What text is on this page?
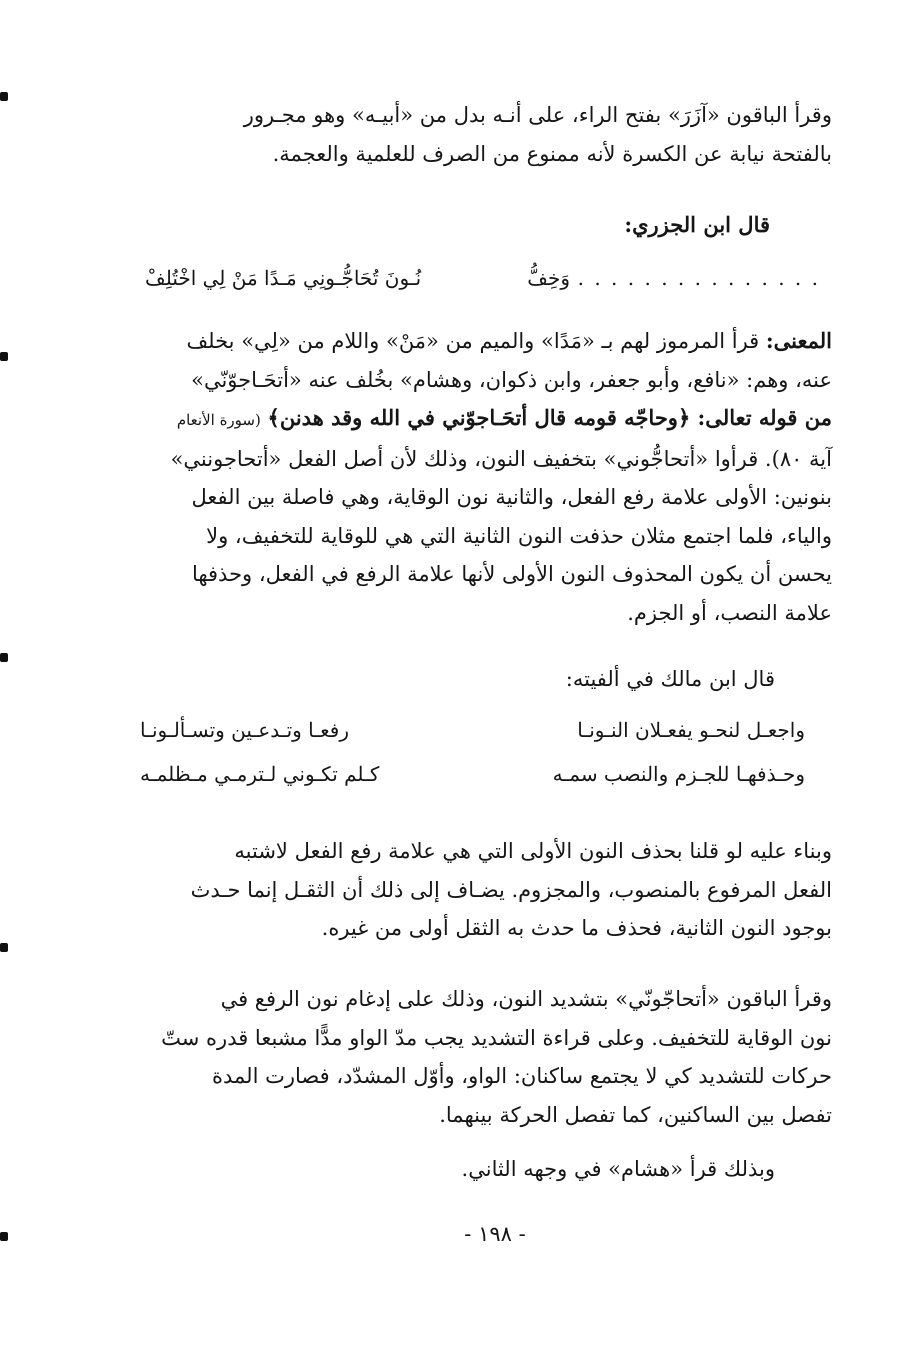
وقرأ الباقون «آزَرَ» بفتح الراء، على أنـه بدل من «أبيـه» وهو مجـرور
بالفتحة نيابة عن الكسرة لأنه ممنوع من الصرف للعلمية والعجمة.
قال ابن الجزري:
. . . . . . . . . . . . . . .
وَخِفُّ
نُـونَ تُحَاجُّـونِي مَـدًا مَنْ لِي اخْتُلِفْ
المعنى: قرأ المرموز لهم بـ «مَدًا» والميم من «مَنْ» واللام من «لِي» بخلف
عنه، وهم: «نافع، وأبو جعفر، وابن ذكوان، وهشام» بخُلف عنه «أتحَـاجوّنّي»
من قوله تعالى: ﴿وحاجّه قومه قال أتحَـاجوّني في الله وقد هدنن﴾ (سورة الأنعام
آية ٨٠). قرأوا «أتحاجُّوني» بتخفيف النون، وذلك لأن أصل الفعل «أتحاجونني»
بنونين: الأولى علامة رفع الفعل، والثانية نون الوقاية، وهي فاصلة بين الفعل
والياء، فلما اجتمع مثلان حذفت النون الثانية التي هي للوقاية للتخفيف، ولا
يحسن أن يكون المحذوف النون الأولى لأنها علامة الرفع في الفعل، وحذفها
علامة النصب، أو الجزم.
قال ابن مالك في ألفيته:
واجعـل لنحـو يفعـلان النـونـا
رفعـا وتـدعـين وتسـألـونـا
وحـذفهـا للجـزم والنصب سمـه
كـلم تكـوني لـترمـي مـظلمـه
وبناء عليه لو قلنا بحذف النون الأولى التي هي علامة رفع الفعل لاشتبه
الفعل المرفوع بالمنصوب، والمجزوم. يضـاف إلى ذلك أن الثقـل إنما حـدث
بوجود النون الثانية، فحذف ما حدث به الثقل أولى من غيره.
وقرأ الباقون «أتحاجّونّي» بتشديد النون، وذلك على إدغام نون الرفع في
نون الوقاية للتخفيف. وعلى قراءة التشديد يجب مدّ الواو مدًّا مشبعا قدره ستّ
حركات للتشديد كي لا يجتمع ساكنان: الواو، وأوّل المشدّد، فصارت المدة
تفصل بين الساكنين، كما تفصل الحركة بينهما.
وبذلك قرأ «هشام» في وجهه الثاني.
- ١٩٨ -
